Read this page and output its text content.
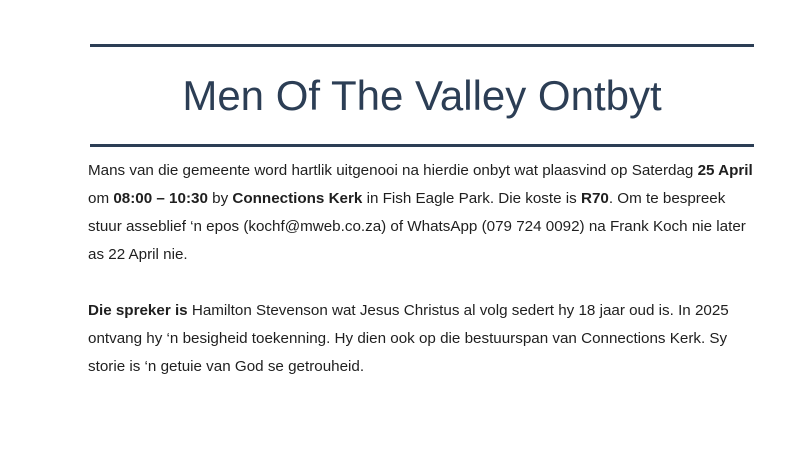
Men Of The Valley Ontbyt

Mans van die gemeente word hartlik uitgenooi na hierdie onbyt wat plaasvind op Saterdag 25 April om 08:00 – 10:30 by Connections Kerk in Fish Eagle Park. Die koste is R70. Om te bespreek stuur asseblief ‘n epos (kochf@mweb.co.za) of WhatsApp (079 724 0092) na Frank Koch nie later as 22 April nie.

Die spreker is Hamilton Stevenson wat Jesus Christus al volg sedert hy 18 jaar oud is. In 2025 ontvang hy ‘n besigheid toekenning. Hy dien ook op die bestuurspan van Connections Kerk. Sy storie is ‘n getuie van God se getrouheid.
